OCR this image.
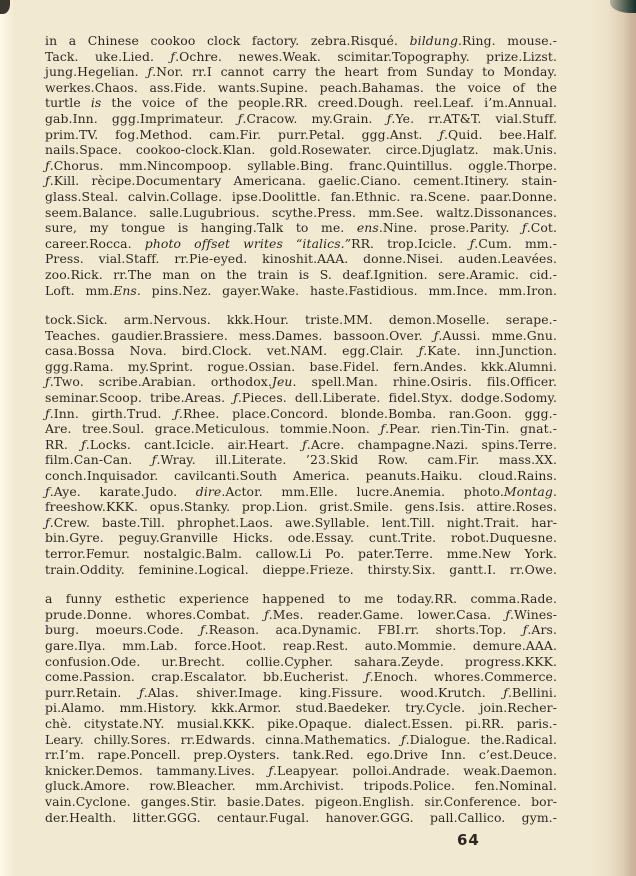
in a Chinese cookoo clock factory. zebra.Risqué. bildung.Ring. mouse.-
Tack. uke.Lied. ƒ.Ochre. newes.Weak. scimitar.Topography. prize.Lizst.
jung.Hegelian. ƒ.Nor. rr.I cannot carry the heart from Sunday to Monday.
werkes.Chaos. ass.Fide. wants.Supine. peach.Bahamas. the voice of the
turtle is the voice of the people.RR. creed.Dough. reel.Leaf. i’m.Annual.
gab.Inn. ggg.Imprimateur. ƒ.Cracow. my.Grain. ƒ.Ye. rr.AT&T. vial.Stuff.
prim.TV. fog.Method. cam.Fir. purr.Petal. ggg.Anst. ƒ.Quid. bee.Half.
nails.Space. cookoo-clock.Klan. gold.Rosewater. circe.Djuglatz. mak.Unis.
ƒ.Chorus. mm.Nincompoop. syllable.Bing. franc.Quintillus. oggle.Thorpe.
ƒ.Kill. rècipe.Documentary Americana. gaelic.Ciano. cement.Itinery. stain-
glass.Steal. calvin.Collage. ipse.Doolittle. fan.Ethnic. ra.Scene. paar.Donne.
seem.Balance. salle.Lugubrious. scythe.Press. mm.See. waltz.Dissonances.
sure, my tongue is hanging.Talk to me. ens.Nine. prose.Parity. ƒ.Cot.
career.Rocca. photo offset writes “italics.”RR. trop.Icicle. ƒ.Cum. mm.-
Press. vial.Staff. rr.Pie-eyed. kinoshit.AAA. donne.Nisei. auden.Leavées.
zoo.Rick. rr.The man on the train is S. deaf.Ignition. sere.Aramic. cid.-
Loft. mm.Ens. pins.Nez. gayer.Wake. haste.Fastidious. mm.Ince. mm.Iron.
tock.Sick. arm.Nervous. kkk.Hour. triste.MM. demon.Moselle. serape.-
Teaches. gaudier.Brassiere. mess.Dames. bassoon.Over. ƒ.Aussi. mme.Gnu.
casa.Bossa Nova. bird.Clock. vet.NAM. egg.Clair. ƒ.Kate. inn.Junction.
ggg.Rama. my.Sprint. rogue.Ossian. base.Fidel. fern.Andes. kkk.Alumni.
ƒ.Two. scribe.Arabian. orthodox.Jeu. spell.Man. rhine.Osiris. fils.Officer.
seminar.Scoop. tribe.Areas. ƒ.Pieces. dell.Liberate. fidel.Styx. dodge.Sodomy.
ƒ.Inn. girth.Trud. ƒ.Rhee. place.Concord. blonde.Bomba. ran.Goon. ggg.-
Are. tree.Soul. grace.Meticulous. tommie.Noon. ƒ.Pear. rien.Tin-Tin. gnat.-
RR. ƒ.Locks. cant.Icicle. air.Heart. ƒ.Acre. champagne.Nazi. spins.Terre.
film.Can-Can. ƒ.Wray. ill.Literate. ’23.Skid Row. cam.Fir. mass.XX.
conch.Inquisador. cavilcanti.South America. peanuts.Haiku. cloud.Rains.
ƒ.Aye. karate.Judo. dire.Actor. mm.Elle. lucre.Anemia. photo.Montag.
freeshow.KKK. opus.Stanky. prop.Lion. grist.Smile. gens.Isis. attire.Roses.
ƒ.Crew. baste.Till. phrophet.Laos. awe.Syllable. lent.Till. night.Trait. har-
bin.Gyre. peguy.Granville Hicks. ode.Essay. cunt.Trite. robot.Duquesne.
terror.Femur. nostalgic.Balm. callow.Li Po. pater.Terre. mme.New York.
train.Oddity. feminine.Logical. dieppe.Frieze. thirsty.Six. gantt.I. rr.Owe.
a funny esthetic experience happened to me today.RR. comma.Rade.
prude.Donne. whores.Combat. ƒ.Mes. reader.Game. lower.Casa. ƒ.Wines-
burg. moeurs.Code. ƒ.Reason. aca.Dynamic. FBI.rr. shorts.Top. ƒ.Ars.
gare.Ilya. mm.Lab. force.Hoot. reap.Rest. auto.Mommie. demure.AAA.
confusion.Ode. ur.Brecht. collie.Cypher. sahara.Zeyde. progress.KKK.
come.Passion. crap.Escalator. bb.Eucherist. ƒ.Enoch. whores.Commerce.
purr.Retain. ƒ.Alas. shiver.Image. king.Fissure. wood.Krutch. ƒ.Bellini.
pi.Alamo. mm.History. kkk.Armor. stud.Baedeker. try.Cycle. join.Recher-
chè. citystate.NY. musial.KKK. pike.Opaque. dialect.Essen. pi.RR. paris.-
Leary. chilly.Sores. rr.Edwards. cinna.Mathematics. ƒ.Dialogue. the.Radical.
rr.I’m. rape.Poncell. prep.Oysters. tank.Red. ego.Drive Inn. c’est.Deuce.
knicker.Demos. tammany.Lives. ƒ.Leapyear. polloi.Andrade. weak.Daemon.
gluck.Amore. row.Bleacher. mm.Archivist. tripods.Police. fen.Nominal.
vain.Cyclone. ganges.Stir. basie.Dates. pigeon.English. sir.Conference. bor-
der.Health. litter.GGG. centaur.Fugal. hanover.GGG. pall.Callico. gym.-
64
